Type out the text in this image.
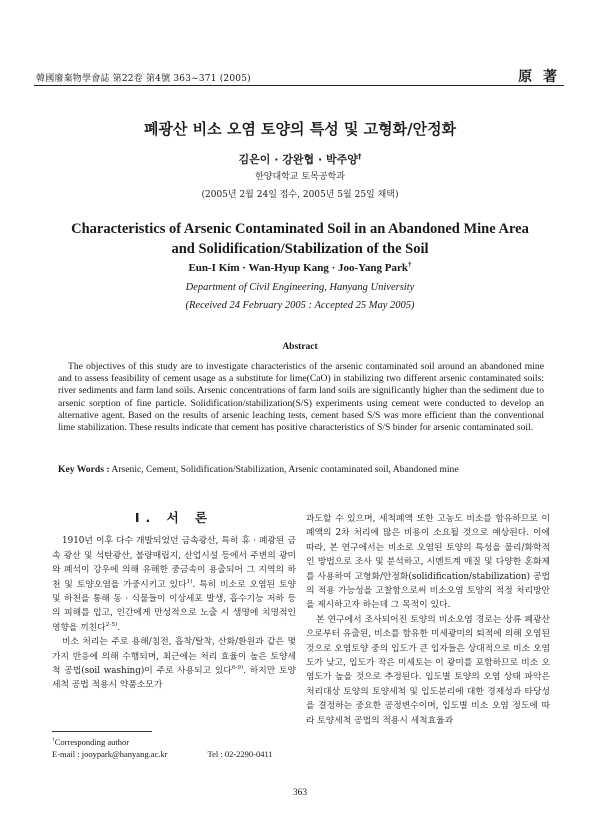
韓國廢棄物學會誌 第22卷 第4號 363~371 (2005)	原 著
폐광산 비소 오염 토양의 특성 및 고형화/안정화
김은이 · 강완협 · 박주양†
한양대학교 토목공학과
(2005년 2월 24일 접수, 2005년 5월 25일 채택)
Characteristics of Arsenic Contaminated Soil in an Abandoned Mine Area
and Solidification/Stabilization of the Soil
Eun-I Kim · Wan-Hyup Kang · Joo-Yang Park†
Department of Civil Engineering, Hanyang University
(Received 24 February 2005 : Accepted 25 May 2005)
Abstract
The objectives of this study are to investigate characteristics of the arsenic contaminated soil around an abandoned mine and to assess feasibility of cement usage as a substitute for lime(CaO) in stabilizing two different arsenic contaminated soils: river sediments and farm land soils. Arsenic concentrations of farm land soils are significantly higher than the sediment due to arsenic sorption of fine particle. Solidification/stabilization(S/S) experiments using cement were conducted to develop an alternative agent. Based on the results of arsenic leaching tests, cement based S/S was more efficient than the conventional lime stabilization. These results indicate that cement has positive characteristics of S/S binder for arsenic contaminated soil.
Key Words : Arsenic, Cement, Solidification/Stabilization, Arsenic contaminated soil, Abandoned mine
I. 서 론

1910년 이후 다수 개발되었던 금속광산, 특히 휴 · 폐광된 금속 광산 및 석탄광산, 불량매립지, 산업시설 등에서 주변의 광미와 폐석이 강우에 의해 유해한 중금속이 용출되어 그 지역의 하천 및 토양오염을 가중시키고 있다$^{1)}$. 특히 비소로 오염된 토양 및 하천을 통해 동 · 식물들이 이상세포 발생, 흡수기능 저하 등의 피해를 입고, 인간에게 만성적으로 노출 시 생명에 치명적인 영향을 끼친다$^{2-5)}$.

비소 처리는 주로 용해/침전, 흡착/탈착, 산화/환원과 같은 몇 가지 반응에 의해 수행되며, 최근에는 처리 효율이 높은 토양세척 공법(soil washing)이 주로 사용되고 있다$^{6-9)}$. 하지만 토양세척 공법 적용시 약품소모가

과도할 수 있으며, 세척폐액 또한 고농도 비소를 함유하므로 이 폐액의 2차 처리에 많은 비용이 소요될 것으로 예상된다. 이에 따라, 본 연구에서는 비소로 오염된 토양의 특성을 물리/화학적인 방법으로 조사 및 분석하고, 시멘트계 매질 및 다양한 혼화제를 사용하여 고형화/안정화(solidification/stabilization) 공법의 적용 가능성을 고찰함으로써 비소오염 토양의 적정 처리방안을 제시하고자 하는데 그 목적이 있다.

본 연구에서 조사되어진 토양의 비소오염 경로는 상류 폐광산으로부터 유출된, 비소를 함유한 미세광미의 퇴적에 의해 오염된 것으로 오염토양 중의 입도가 큰 입자들은 상대적으로 비소 오염도가 낮고, 입도가 작은 미세토는 이 광미를 포함하므로 비소 오염도가 높을 것으로 추정된다. 입도별 토양의 오염 상태 파악은 처리대상 토양의 토양세척 및 입도분리에 대한 경제성과 타당성을 결정하는 중요한 공정변수이며, 입도별 비소 오염 정도에 따라 토양세척 공법의 적용시 세척효율과

†Corresponding author
E-mail : jooypark@hanyang.ac.kr	Tel : 02-2290-0411
363
